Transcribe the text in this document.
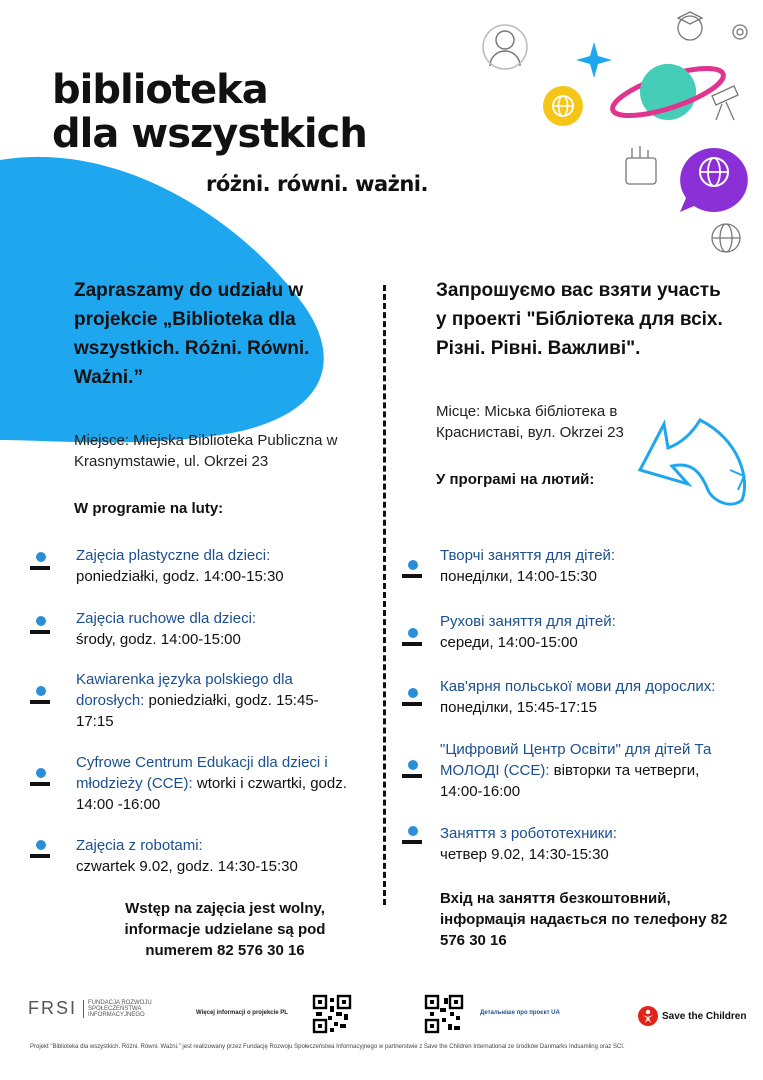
biblioteka
dla wszystkich
różni. równi. ważni.
Zapraszamy do udziału w projekcie „Biblioteka dla wszystkich. Różni. Równi. Ważni.”
Miejsce: Miejska Biblioteka Publiczna w Krasnymstawie, ul. Okrzei 23
W programie na luty:
Zajęcia plastyczne dla dzieci:
poniedziałki, godz. 14:00-15:30
Zajęcia ruchowe dla dzieci:
środy, godz. 14:00-15:00
Kawiarenka języka polskiego dla dorosłych: poniedziałki, godz. 15:45-17:15
Cyfrowe Centrum Edukacji dla dzieci i młodzieży (CCE): wtorki i czwartki, godz. 14:00 -16:00
Zajęcia z robotami:
czwartek 9.02, godz. 14:30-15:30
Wstęp na zajęcia jest wolny, informacje udzielane są pod numerem 82 576 30 16
Запрошуємо вас взяти участь у проекті "Бібліотека для всіх. Різні. Рівні. Важливі".
Місце: Міська бібліотека в Красниставі, вул. Okrzei 23
У програмі на лютий:
Творчі заняття для дітей:
понеділки, 14:00-15:30
Рухові заняття для дітей:
середи, 14:00-15:00
Кав'ярня польської мови для дорослих: понеділки, 15:45-17:15
"Цифровий Центр Освіти" для дітей Та МОЛОДІ (CCE): вівторки та четверги, 14:00-16:00
Заняття з робототехники:
четвер 9.02, 14:30-15:30
Вхід на заняття безкоштовний, інформація надається по телефону 82 576 30 16
FRSI	FUNDACJA ROZWOJU SPOŁECZEŃSTWA INFORMACYJNEGO	Więcej informacji o projekcie PL	Детальніше про проєкт UA	Save the Children
Projekt "Biblioteka dla wszystkich. Różni. Równi. Ważni." jest realizowany przez Fundację Rozwoju Społeczeństwa Informacyjnego w partnerstwie z Save the Children International ze środków Danmarks Indsamling oraz SCI.
